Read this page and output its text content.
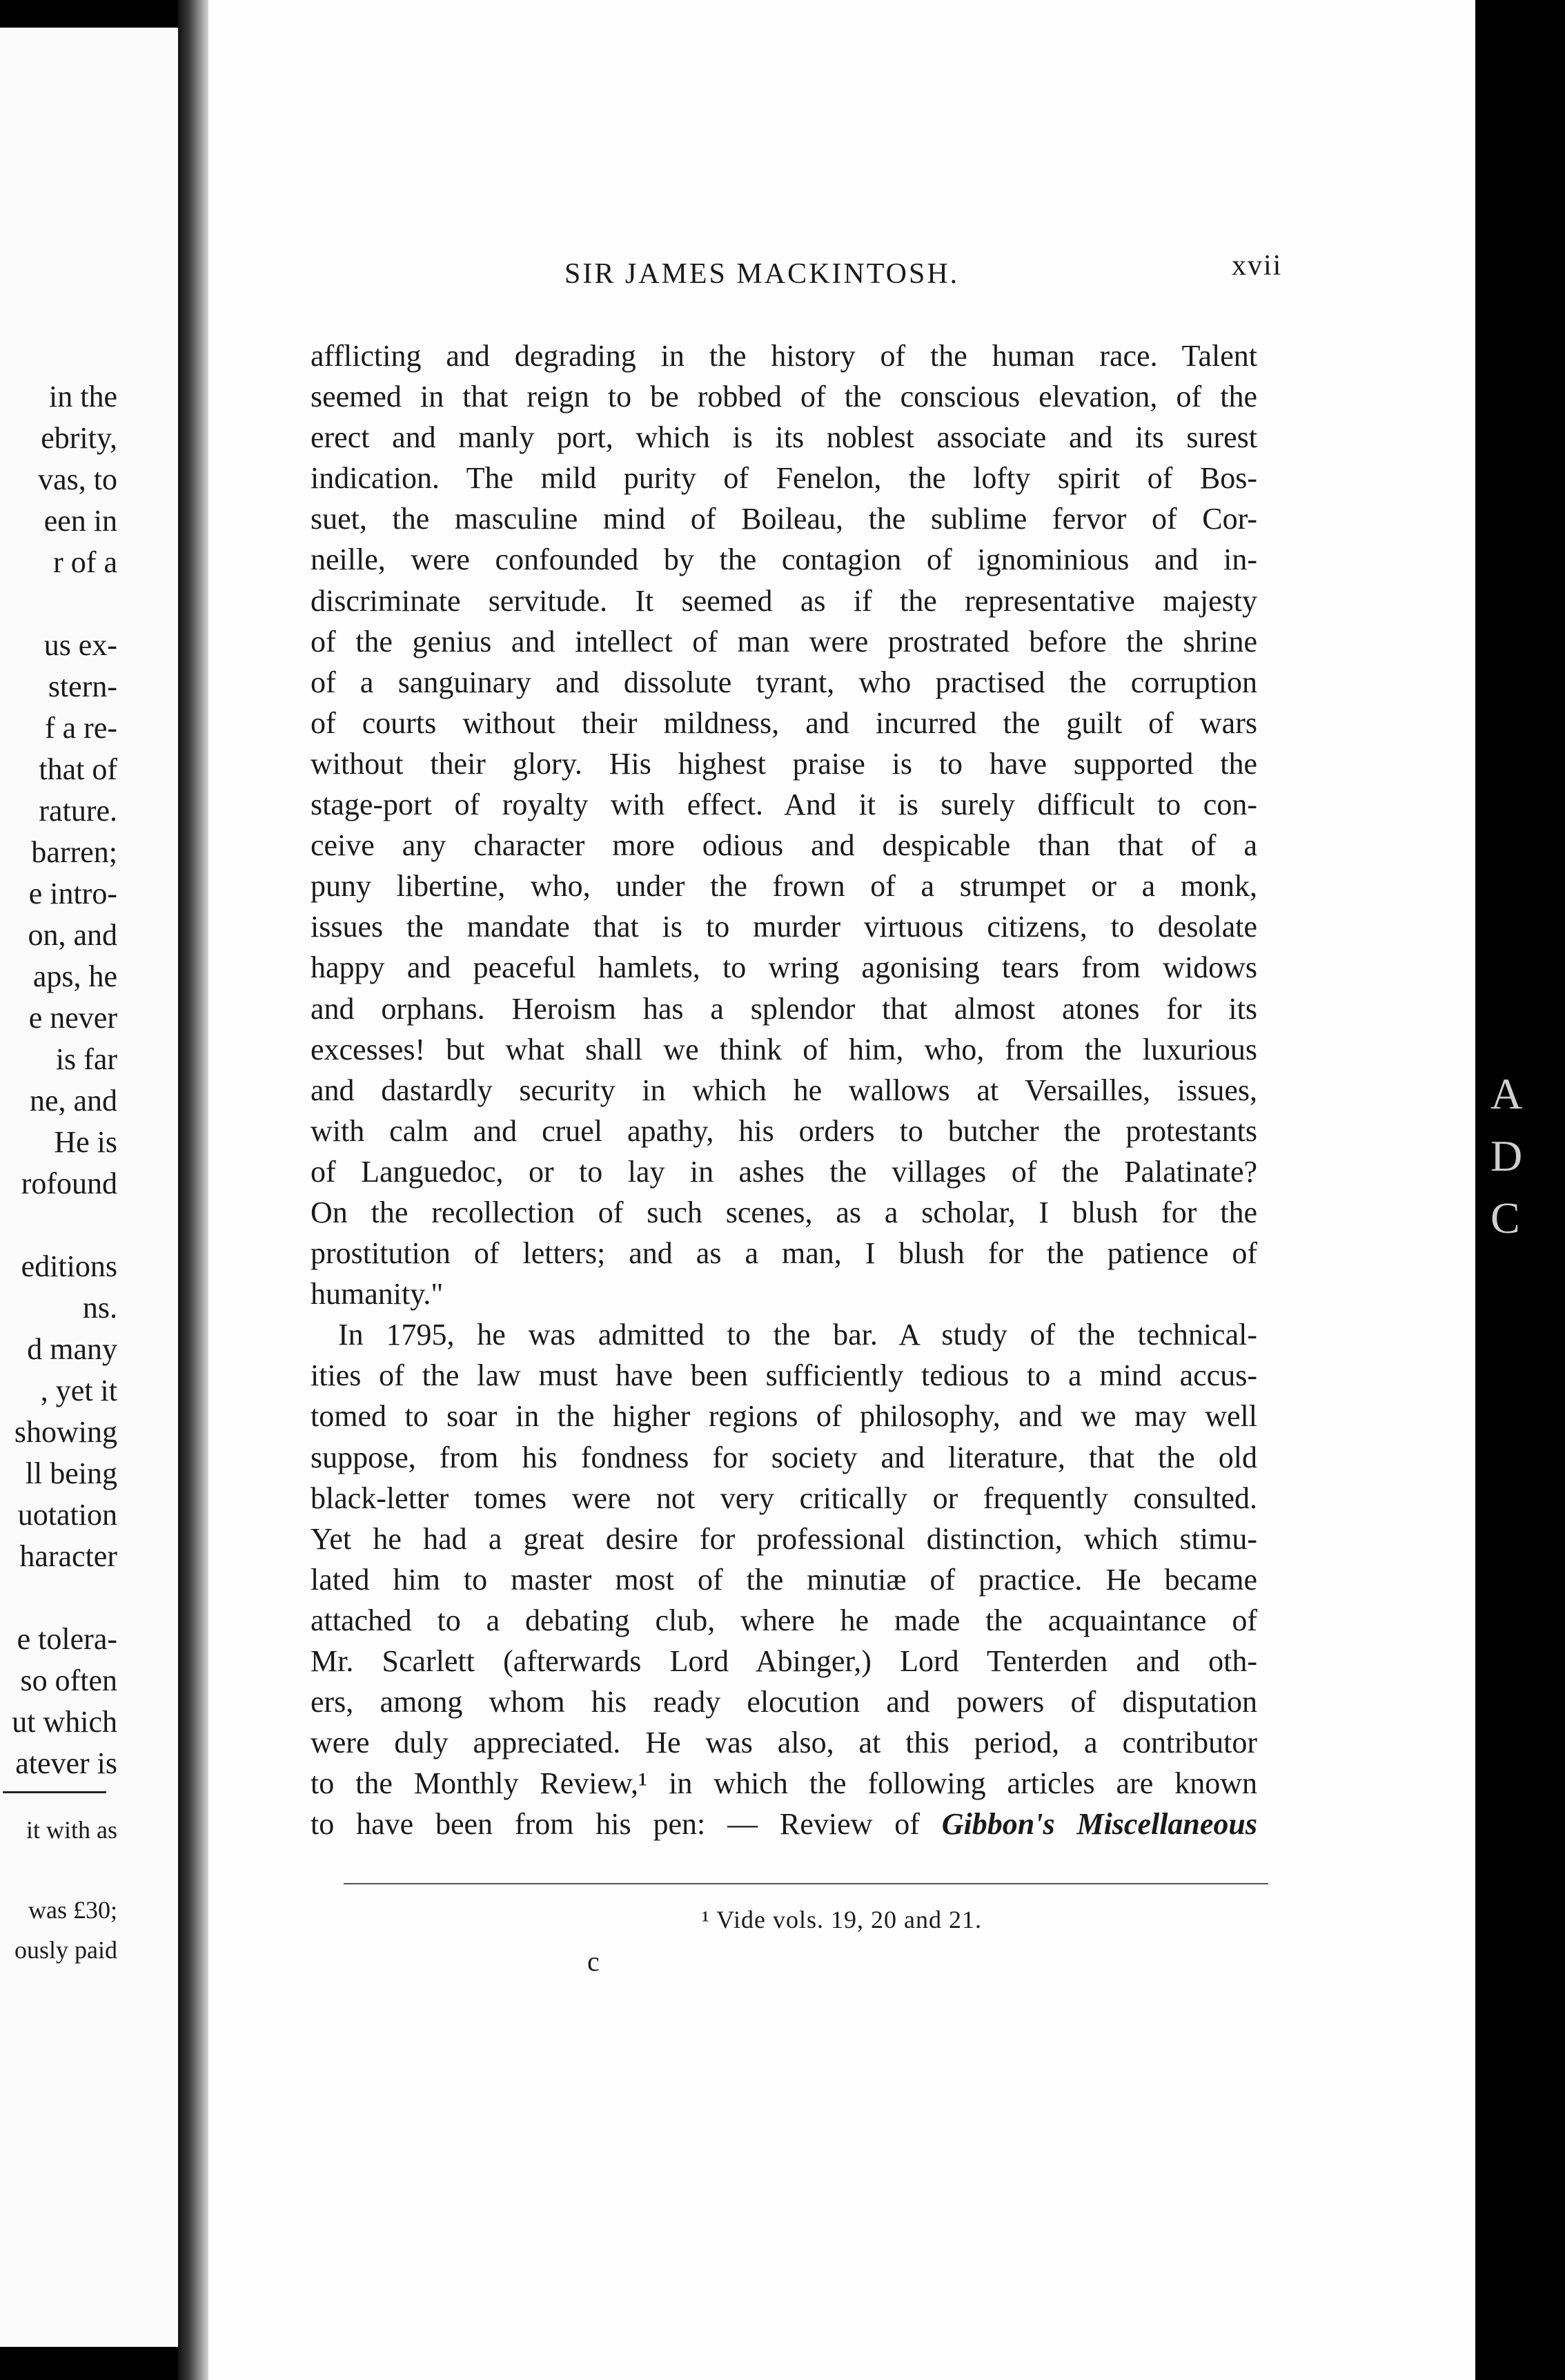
in the
ebrity,
vas, to
een in
r of a
us ex-
stern-
f a re-
that of
rature.
barren;
e intro-
on, and
aps, he
e never
is far
ne, and
He is
rofound
editions
ns.
d many
, yet it
showing
ll being
uotation
haracter
e tolera-
so often
ut which
atever is
it with as
was £30;
ously paid
SIR JAMES MACKINTOSH.	xvii

afflicting and degrading in the history of the human race. Talent

seemed in that reign to be robbed of the conscious elevation, of the

erect and manly port, which is its noblest associate and its surest

indication. The mild purity of Fenelon, the lofty spirit of Bos-

suet, the masculine mind of Boileau, the sublime fervor of Cor-

neille, were confounded by the contagion of ignominious and in-

discriminate servitude. It seemed as if the representative majesty

of the genius and intellect of man were prostrated before the shrine

of a sanguinary and dissolute tyrant, who practised the corruption

of courts without their mildness, and incurred the guilt of wars

without their glory. His highest praise is to have supported the

stage-port of royalty with effect. And it is surely difficult to con-

ceive any character more odious and despicable than that of a

puny libertine, who, under the frown of a strumpet or a monk,

issues the mandate that is to murder virtuous citizens, to desolate

happy and peaceful hamlets, to wring agonising tears from widows

and orphans. Heroism has a splendor that almost atones for its

excesses! but what shall we think of him, who, from the luxurious

and dastardly security in which he wallows at Versailles, issues,

with calm and cruel apathy, his orders to butcher the protestants

of Languedoc, or to lay in ashes the villages of the Palatinate?

On the recollection of such scenes, as a scholar, I blush for the

prostitution of letters; and as a man, I blush for the patience of

humanity."

In 1795, he was admitted to the bar. A study of the technical-

ities of the law must have been sufficiently tedious to a mind accus-

tomed to soar in the higher regions of philosophy, and we may well

suppose, from his fondness for society and literature, that the old

black-letter tomes were not very critically or frequently consulted.

Yet he had a great desire for professional distinction, which stimu-

lated him to master most of the minutiæ of practice. He became

attached to a debating club, where he made the acquaintance of

Mr. Scarlett (afterwards Lord Abinger,) Lord Tenterden and oth-

ers, among whom his ready elocution and powers of disputation

were duly appreciated. He was also, at this period, a contributor

to the Monthly Review,¹ in which the following articles are known

to have been from his pen: — Review of Gibbon's Miscellaneous

¹ Vide vols. 19, 20 and 21.
c
A
D
C
